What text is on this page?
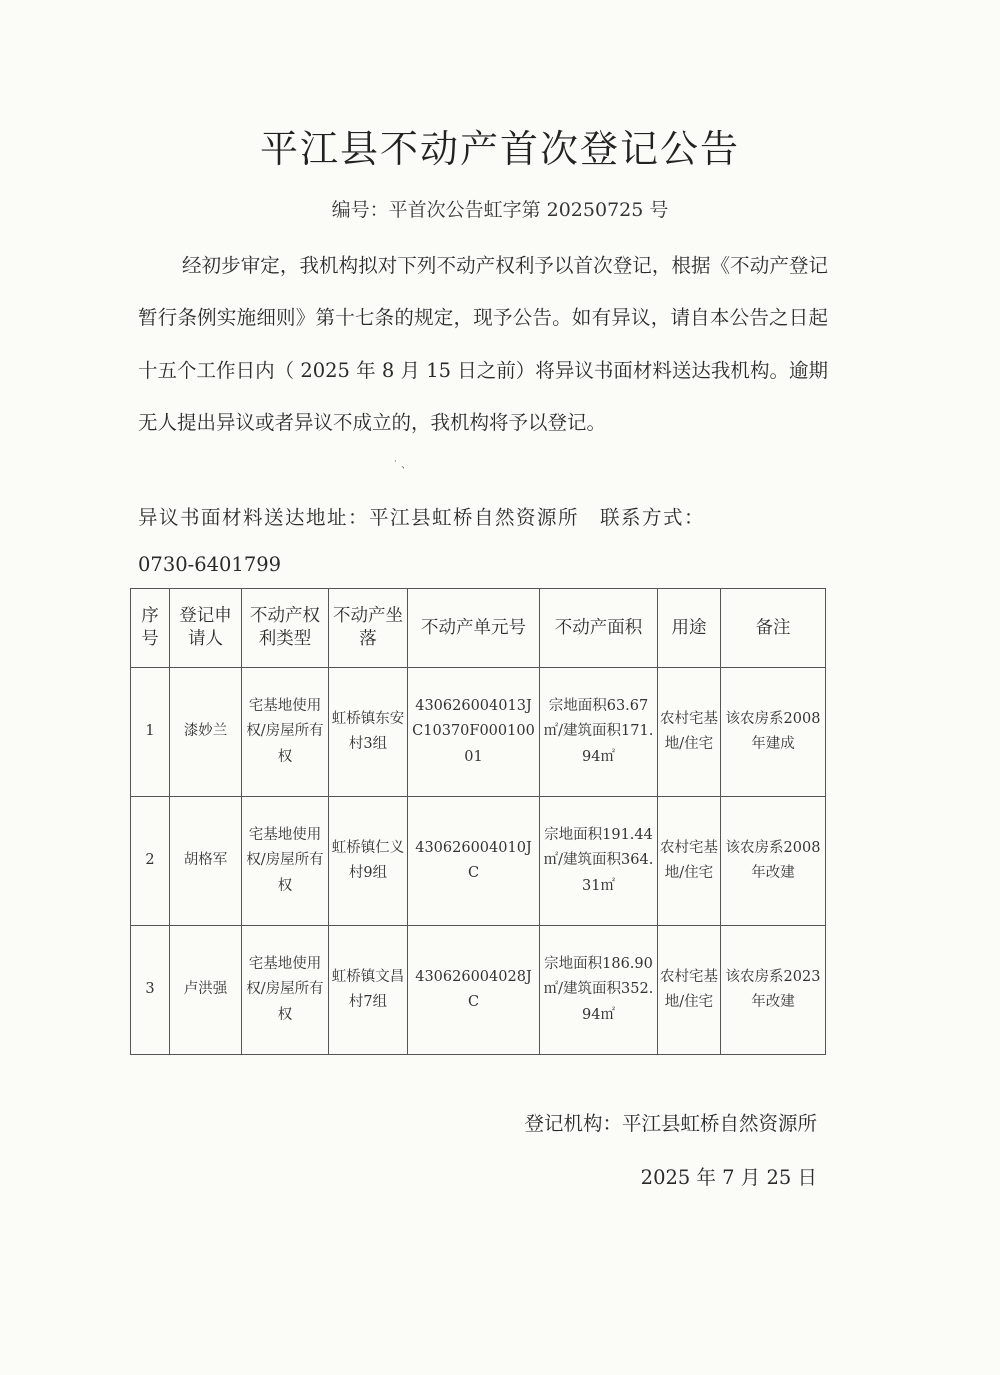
平江县不动产首次登记公告
编号：平首次公告虹字第 20250725 号
经初步审定，我机构拟对下列不动产权利予以首次登记，根据《不动产登记暂行条例实施细则》第十七条的规定，现予公告。如有异议，请自本公告之日起十五个工作日内（ 2025 年 8 月 15 日之前）将异议书面材料送达我机构。逾期无人提出异议或者异议不成立的，我机构将予以登记。
˙ 、
异议书面材料送达地址：平江县虹桥自然资源所　联系方式：
0730-6401799
序号	登记申请人	不动产权利类型	不动产坐落	不动产单元号	不动产面积	用途	备注
1	漆妙兰	宅基地使用权/房屋所有权	虹桥镇东安村3组	430626004013JC10370F00010001	宗地面积63.67㎡/建筑面积171.94㎡	农村宅基地/住宅	该农房系2008年建成
2	胡格军	宅基地使用权/房屋所有权	虹桥镇仁义村9组	430626004010JC	宗地面积191.44㎡/建筑面积364.31㎡	农村宅基地/住宅	该农房系2008年改建
3	卢洪强	宅基地使用权/房屋所有权	虹桥镇文昌村7组	430626004028JC	宗地面积186.90㎡/建筑面积352.94㎡	农村宅基地/住宅	该农房系2023年改建
登记机构：平江县虹桥自然资源所
2025 年 7 月 25 日
